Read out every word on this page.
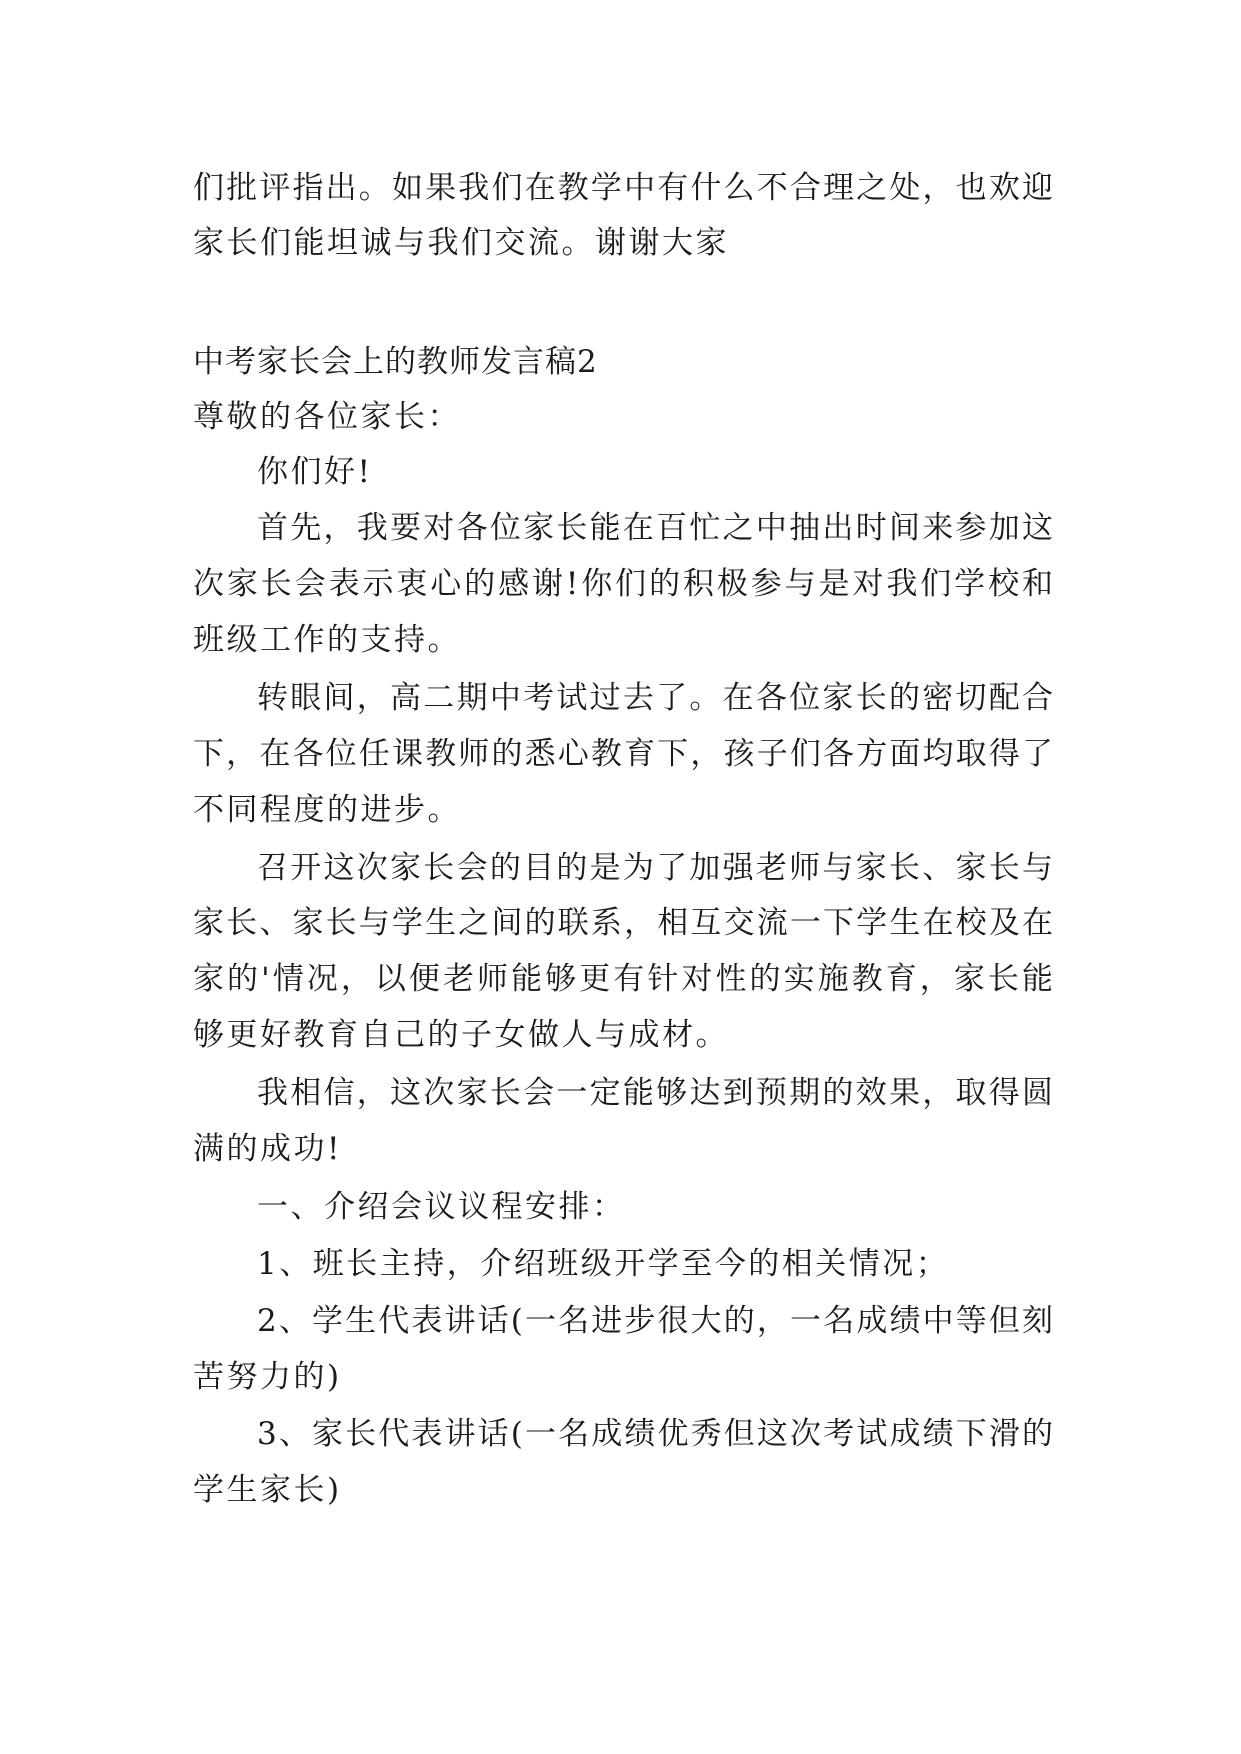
们批评指出。如果我们在教学中有什么不合理之处，也欢迎

家长们能坦诚与我们交流。谢谢大家

中考家长会上的教师发言稿2

尊敬的各位家长：

你们好!

首先，我要对各位家长能在百忙之中抽出时间来参加这

次家长会表示衷心的感谢!你们的积极参与是对我们学校和

班级工作的支持。

转眼间，高二期中考试过去了。在各位家长的密切配合

下，在各位任课教师的悉心教育下，孩子们各方面均取得了

不同程度的进步。

召开这次家长会的目的是为了加强老师与家长、家长与

家长、家长与学生之间的联系，相互交流一下学生在校及在

家的'情况，以便老师能够更有针对性的实施教育，家长能

够更好教育自己的子女做人与成材。

我相信，这次家长会一定能够达到预期的效果，取得圆

满的成功!

一、介绍会议议程安排：

1、班长主持，介绍班级开学至今的相关情况；

2、学生代表讲话(一名进步很大的，一名成绩中等但刻

苦努力的)

3、家长代表讲话(一名成绩优秀但这次考试成绩下滑的

学生家长)
